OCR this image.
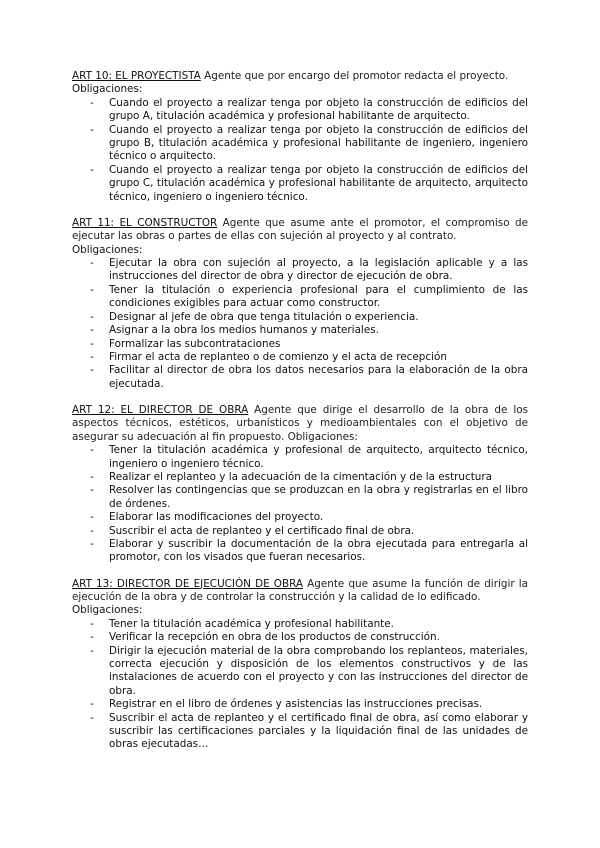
ART 10: EL PROYECTISTA Agente que por encargo del promotor redacta el proyecto.

Obligaciones:

- Cuando el proyecto a realizar tenga por objeto la construcción de edificios del grupo A, titulación académica y profesional habilitante de arquitecto.
- Cuando el proyecto a realizar tenga por objeto la construcción de edificios del grupo B, titulación académica y profesional habilitante de ingeniero, ingeniero técnico o arquitecto.
- Cuando el proyecto a realizar tenga por objeto la construcción de edificios del grupo C, titulación académica y profesional habilitante de arquitecto, arquitecto técnico, ingeniero o ingeniero técnico.

ART 11: EL CONSTRUCTOR Agente que asume ante el promotor, el compromiso de ejecutar las obras o partes de ellas con sujeción al proyecto y al contrato.

Obligaciones:

- Ejecutar la obra con sujeción al proyecto, a la legislación aplicable y a las instrucciones del director de obra y director de ejecución de obra.
- Tener la titulación o experiencia profesional para el cumplimiento de las condiciones exigibles para actuar como constructor.
- Designar al jefe de obra que tenga titulación o experiencia.
- Asignar a la obra los medios humanos y materiales.
- Formalizar las subcontrataciones
- Firmar el acta de replanteo o de comienzo y el acta de recepción
- Facilitar al director de obra los datos necesarios para la elaboración de la obra ejecutada.

ART 12: EL DIRECTOR DE OBRA Agente que dirige el desarrollo de la obra de los aspectos técnicos, estéticos, urbanísticos y medioambientales con el objetivo de asegurar su adecuación al fin propuesto. Obligaciones:

- Tener la titulación académica y profesional de arquitecto, arquitecto técnico, ingeniero o ingeniero técnico.
- Realizar el replanteo y la adecuación de la cimentación y de la estructura
- Resolver las contingencias que se produzcan en la obra y registrarlas en el libro de órdenes.
- Elaborar las modificaciones del proyecto.
- Suscribir el acta de replanteo y el certificado final de obra.
- Elaborar y suscribir la documentación de la obra ejecutada para entregarla al promotor, con los visados que fueran necesarios.

ART 13: DIRECTOR DE EJECUCIÓN DE OBRA Agente que asume la función de dirigir la ejecución de la obra y de controlar la construcción y la calidad de lo edificado.

Obligaciones:

- Tener la titulación académica y profesional habilitante.
- Verificar la recepción en obra de los productos de construcción.
- Dirigir la ejecución material de la obra comprobando los replanteos, materiales, correcta ejecución y disposición de los elementos constructivos y de las instalaciones de acuerdo con el proyecto y con las instrucciones del director de obra.
- Registrar en el libro de órdenes y asistencias las instrucciones precisas.
- Suscribir el acta de replanteo y el certificado final de obra, así como elaborar y suscribir las certificaciones parciales y la liquidación final de las unidades de obras ejecutadas…
